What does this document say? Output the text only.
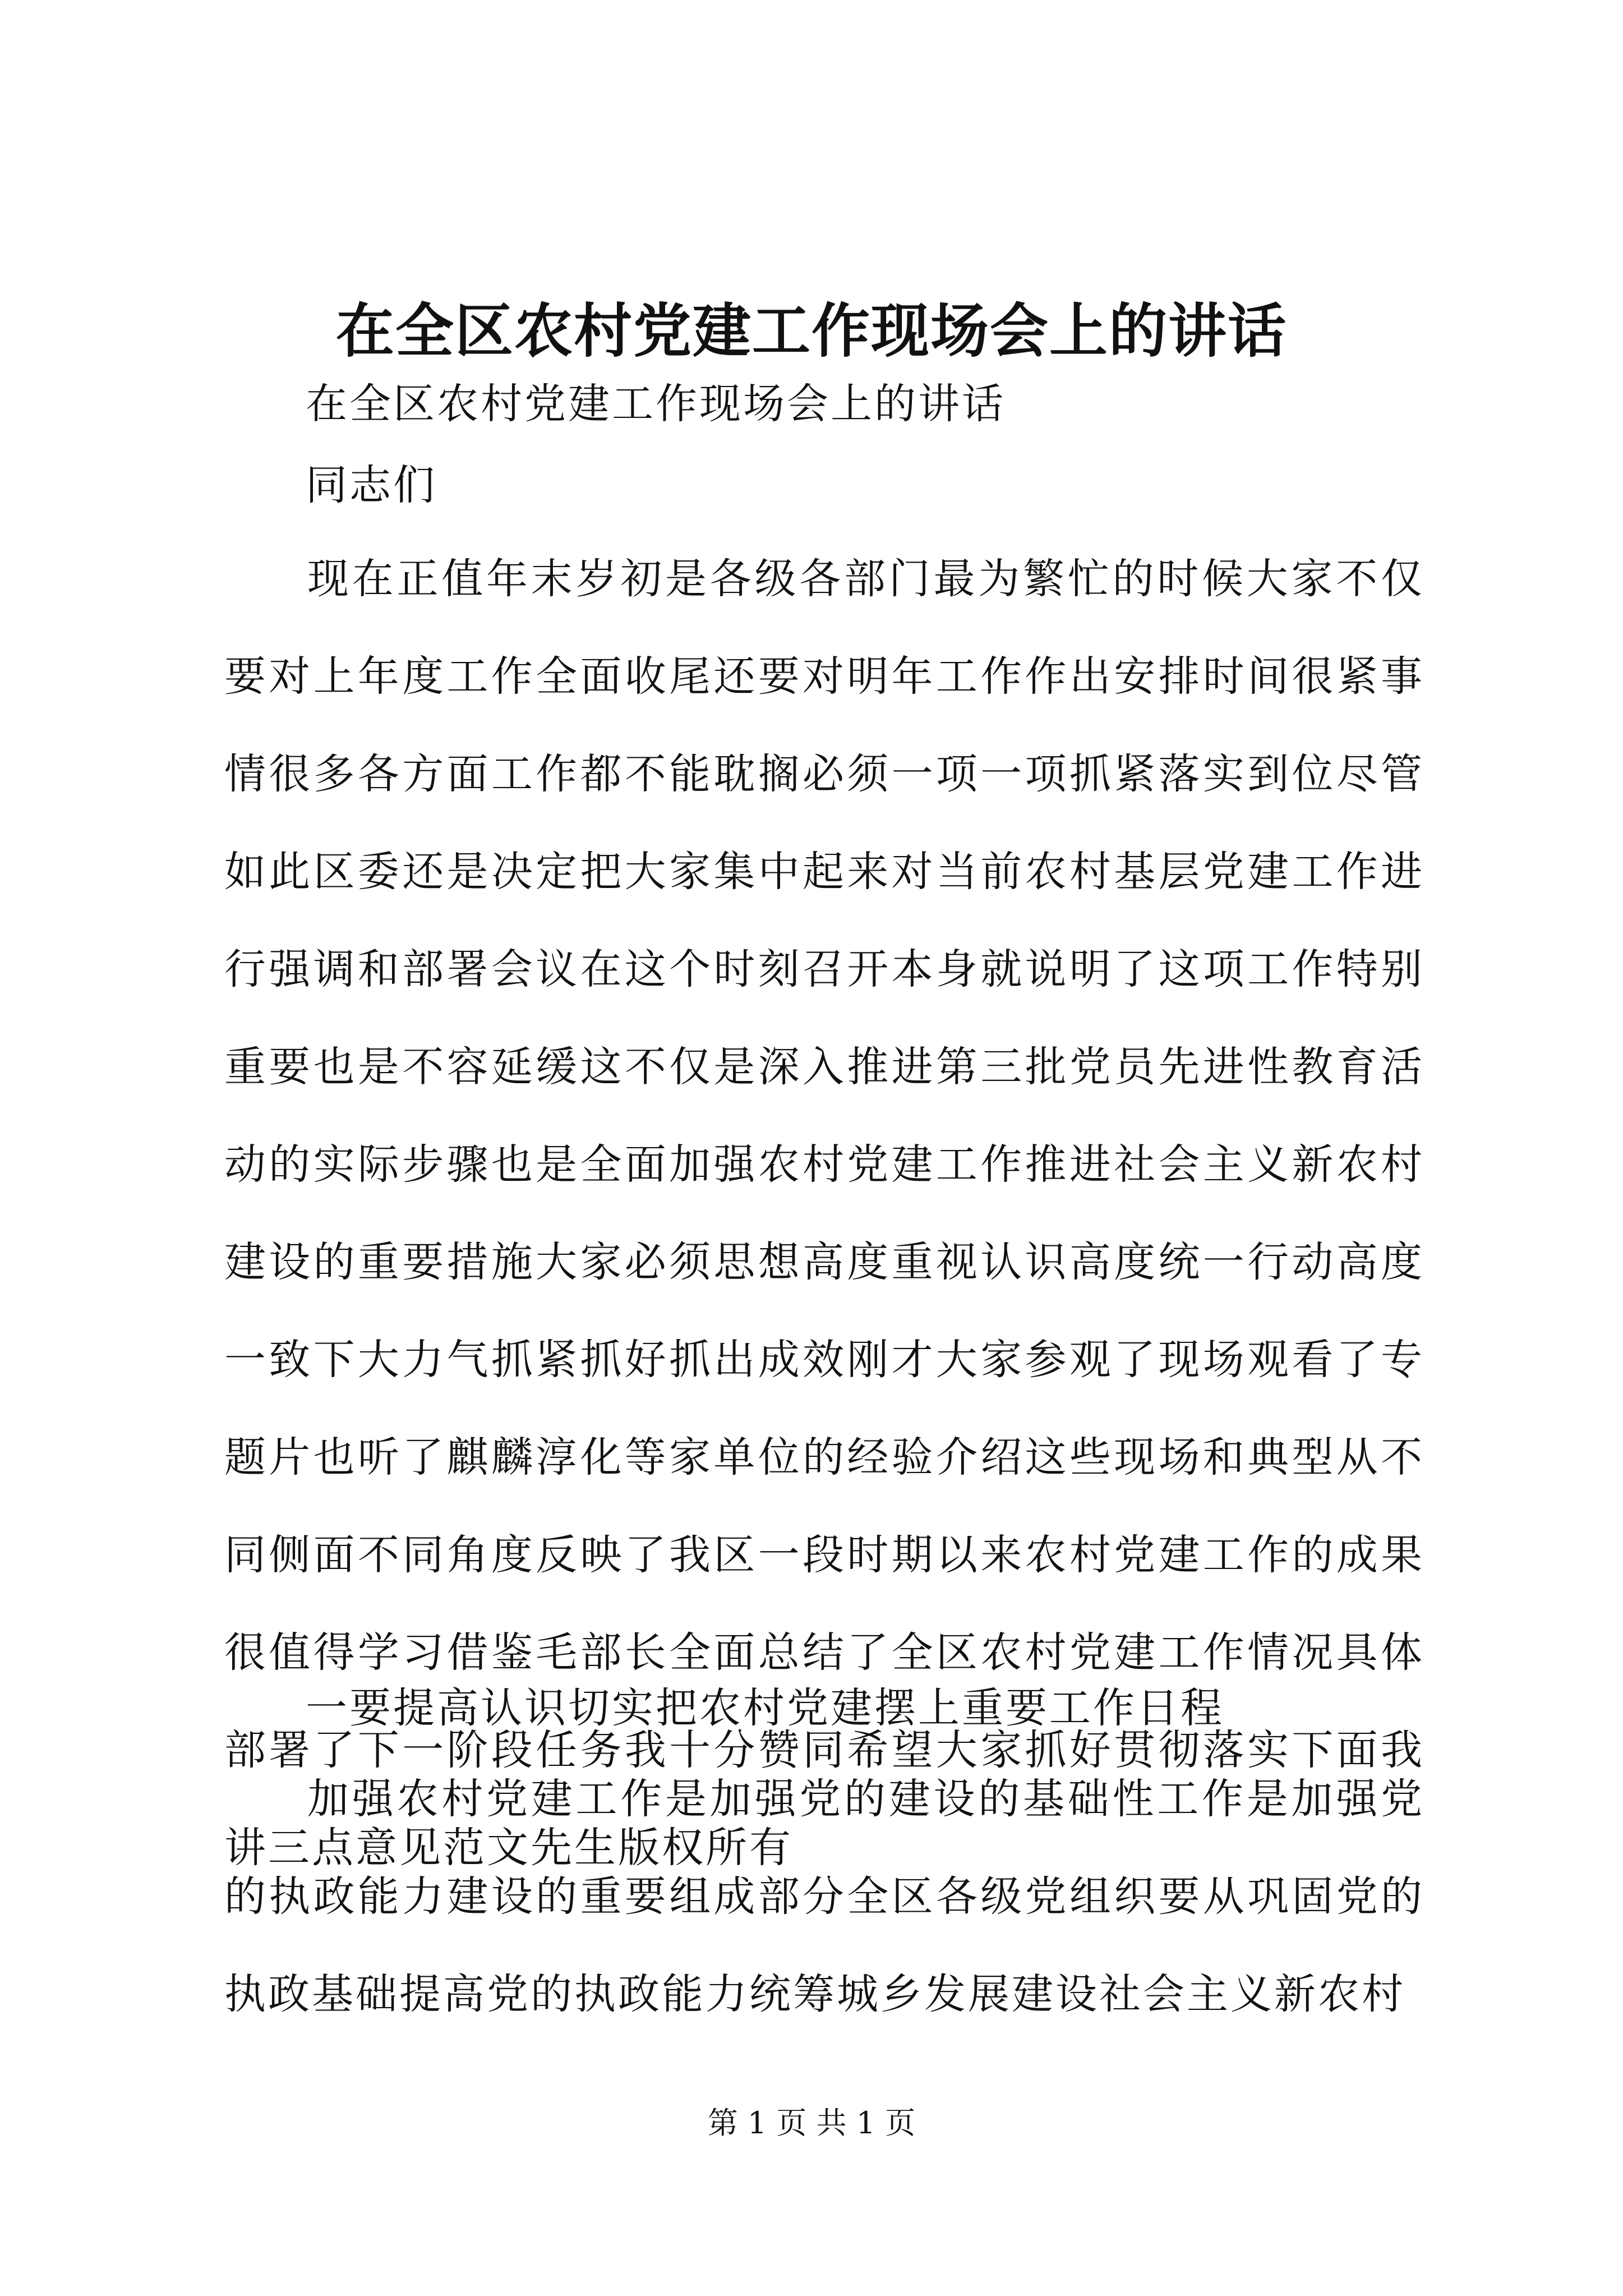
在全区农村党建工作现场会上的讲话
在全区农村党建工作现场会上的讲话
同志们

现在正值年末岁初是各级各部门最为繁忙的时候大家不仅要对上年度工作全面收尾还要对明年工作作出安排时间很紧事情很多各方面工作都不能耽搁必须一项一项抓紧落实到位尽管如此区委还是决定把大家集中起来对当前农村基层党建工作进行强调和部署会议在这个时刻召开本身就说明了这项工作特别重要也是不容延缓这不仅是深入推进第三批党员先进性教育活动的实际步骤也是全面加强农村党建工作推进社会主义新农村建设的重要措施大家必须思想高度重视认识高度统一行动高度一致下大力气抓紧抓好抓出成效刚才大家参观了现场观看了专题片也听了麒麟淳化等家单位的经验介绍这些现场和典型从不同侧面不同角度反映了我区一段时期以来农村党建工作的成果很值得学习借鉴毛部长全面总结了全区农村党建工作情况具体部署了下一阶段任务我十分赞同希望大家抓好贯彻落实下面我讲三点意见范文先生版权所有

一要提高认识切实把农村党建摆上重要工作日程

加强农村党建工作是加强党的建设的基础性工作是加强党的执政能力建设的重要组成部分全区各级党组织要从巩固党的执政基础提高党的执政能力统筹城乡发展建设社会主义新农村

第 1 页 共 1 页
